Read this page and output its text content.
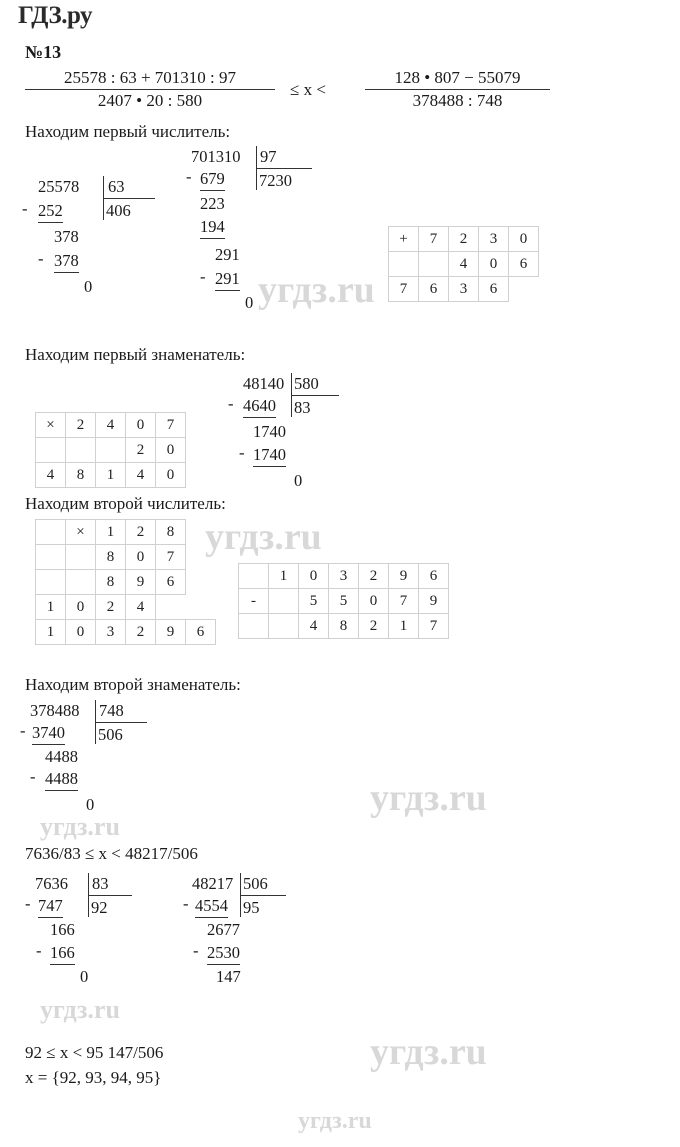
ГДЗ.ру
угдз.ru
угдз.ru
угдз.ru
угдз.ru
угдз.ru
угдз.ru
угдз.ru
№13
25578 : 63 + 701310 : 97
2407 • 20 : 580
≤ x <
128 • 807 − 55079
378488 : 748
Находим первый числитель:
25578 63
406
- 252
378
- 378
0
701310 97
7230
- 679
223
194
291
- 291
0
+	7	2	3	0
		4	0	6
7	6	3	6	
Находим первый знаменатель:
×	2	4	0	7
			2	0
4	8	1	4	0
48140 580
83
- 4640
1740
- 1740
0
Находим второй числитель:
	×	1	2	8	
		8	0	7	
		8	9	6	
1	0	2	4		
1	0	3	2	9	6
	1	0	3	2	9	6
-		5	5	0	7	9
		4	8	2	1	7
Находим второй знаменатель:
378488 748
506
- 3740
4488
- 4488
0
7636/83 ≤ x < 48217/506
7636 83
92
- 747
166
- 166
0
48217 506
95
- 4554
2677
- 2530
147
92 ≤ x < 95 147/506
x = {92, 93, 94, 95}
